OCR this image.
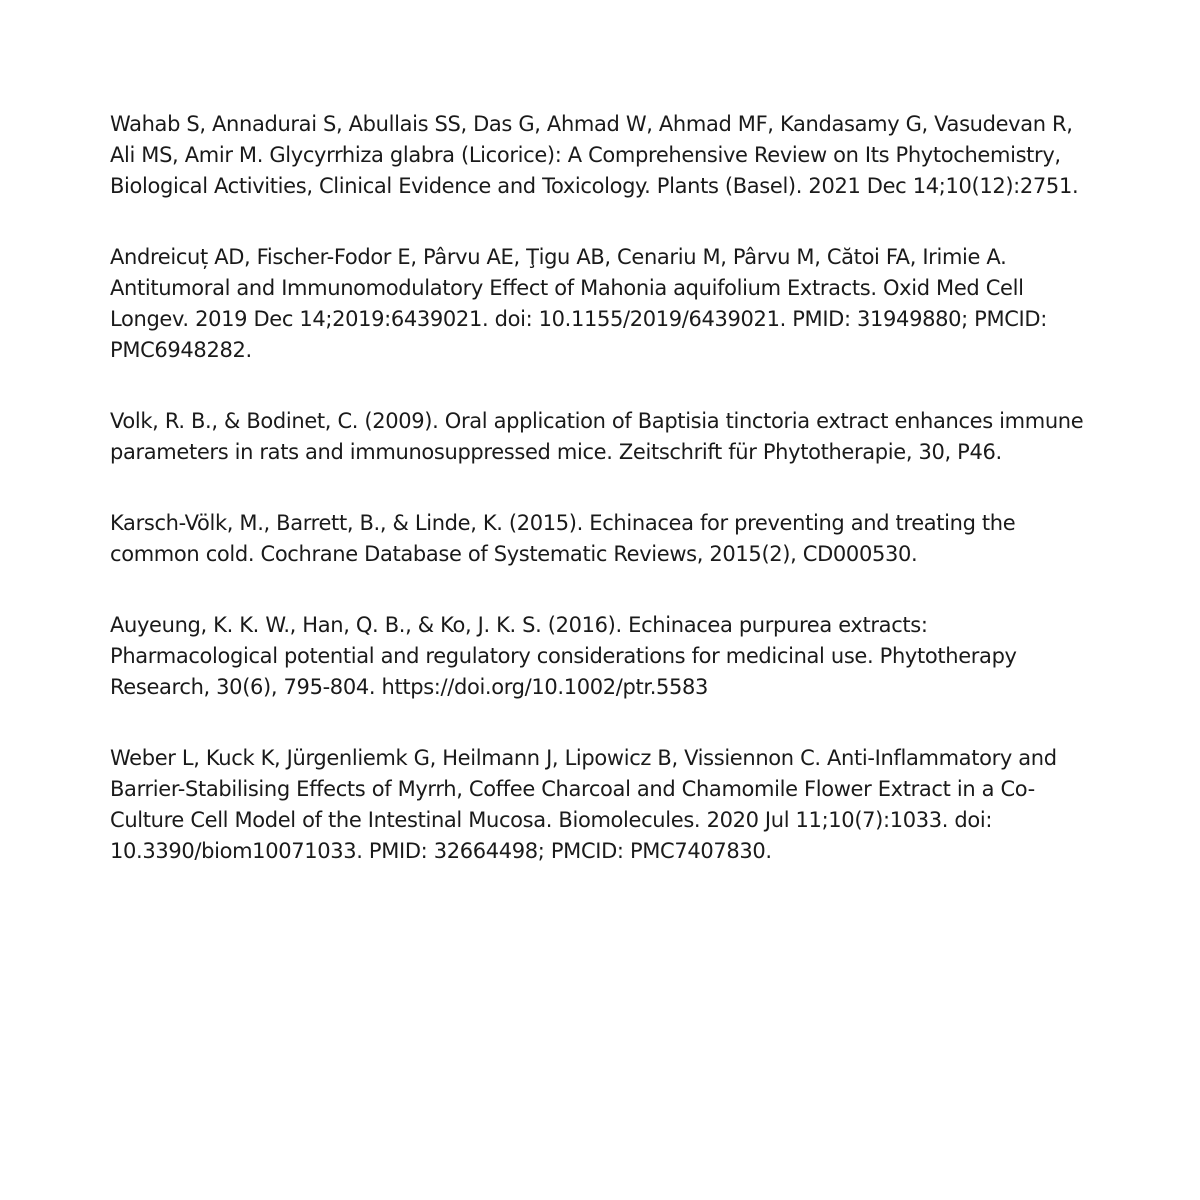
Wahab S, Annadurai S, Abullais SS, Das G, Ahmad W, Ahmad MF, Kandasamy G, Vasudevan R, Ali MS, Amir M. Glycyrrhiza glabra (Licorice): A Comprehensive Review on Its Phytochemistry, Biological Activities, Clinical Evidence and Toxicology. Plants (Basel). 2021 Dec 14;10(12):2751.

Andreicuț AD, Fischer-Fodor E, Pârvu AE, Ţigu AB, Cenariu M, Pârvu M, Cătoi FA, Irimie A. Antitumoral and Immunomodulatory Effect of Mahonia aquifolium Extracts. Oxid Med Cell Longev. 2019 Dec 14;2019:6439021. doi: 10.1155/2019/6439021. PMID: 31949880; PMCID: PMC6948282.

Volk, R. B., & Bodinet, C. (2009). Oral application of Baptisia tinctoria extract enhances immune parameters in rats and immunosuppressed mice. Zeitschrift für Phytotherapie, 30, P46.

Karsch-Völk, M., Barrett, B., & Linde, K. (2015). Echinacea for preventing and treating the common cold. Cochrane Database of Systematic Reviews, 2015(2), CD000530.

Auyeung, K. K. W., Han, Q. B., & Ko, J. K. S. (2016). Echinacea purpurea extracts: Pharmacological potential and regulatory considerations for medicinal use. Phytotherapy Research, 30(6), 795-804. https://doi.org/10.1002/ptr.5583

Weber L, Kuck K, Jürgenliemk G, Heilmann J, Lipowicz B, Vissiennon C. Anti-Inflammatory and Barrier-Stabilising Effects of Myrrh, Coffee Charcoal and Chamomile Flower Extract in a Co-Culture Cell Model of the Intestinal Mucosa. Biomolecules. 2020 Jul 11;10(7):1033. doi: 10.3390/biom10071033. PMID: 32664498; PMCID: PMC7407830.
